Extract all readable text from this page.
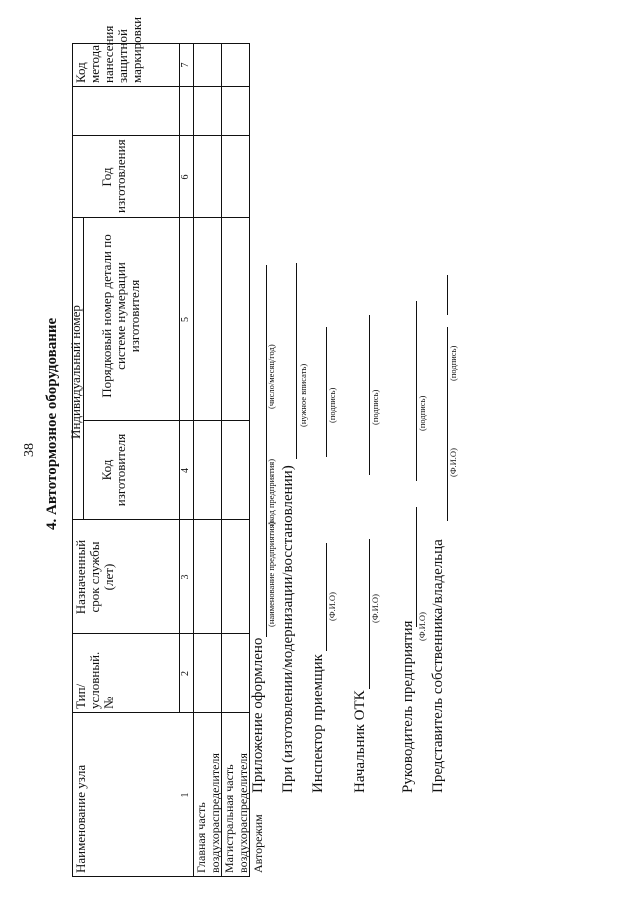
38 4. Автотормозное оборудование
Наименование узла
Тип/ условный. №
Назначенный срок службы (лет)
Индивидуальный номер
Код изготовителя
Порядковый номер детали по системе нумерации изготовителя
Год изготовления
Код метода нанесения защитной маркировки
1
2
3
4
5
6
7
Главная часть воздухораспределителя Магистральная часть воздухораспределителя Авторежим
Приложение оформлено
(наименование предприятия)
(код предприятия)
(число/месяц/год)
При (изготовлении/модернизации/восстановлении)
(нужное вписать)
Инспектор приемщик
(Ф.И.О)
(подпись)
Начальник ОТК
(Ф.И.О)
(подпись)
Руководитель предприятия (Ф.И.О)
(подпись)
Представитель собственника/владельца
(Ф.И.О)
(подпись)
